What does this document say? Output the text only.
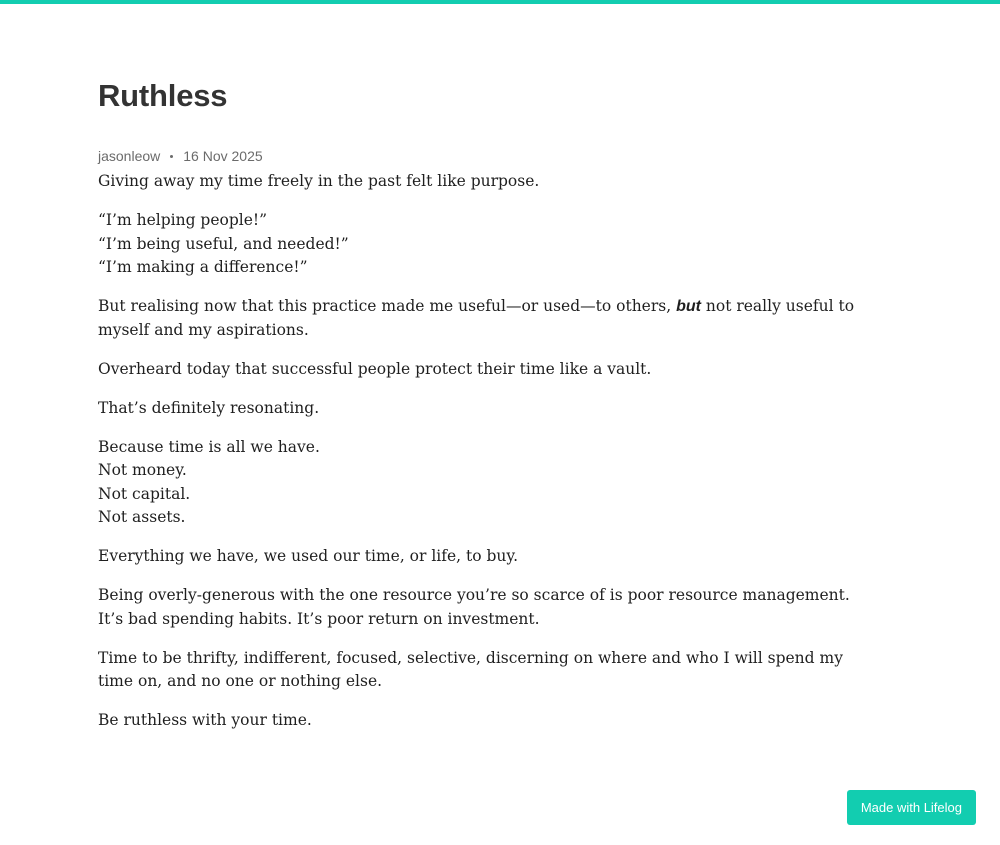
Ruthless
jasonleow 16 Nov 2025

Giving away my time freely in the past felt like purpose.

“I’m helping people!”
“I’m being useful, and needed!”
“I’m making a difference!”

But realising now that this practice made me useful—or used—to others, but not really useful to myself and my aspirations.

Overheard today that successful people protect their time like a vault.

That’s definitely resonating.

Because time is all we have.
Not money.
Not capital.
Not assets.

Everything we have, we used our time, or life, to buy.

Being overly-generous with the one resource you’re so scarce of is poor resource management. It’s bad spending habits. It’s poor return on investment.

Time to be thrifty, indifferent, focused, selective, discerning on where and who I will spend my time on, and no one or nothing else.

Be ruthless with your time.

Made with Lifelog
